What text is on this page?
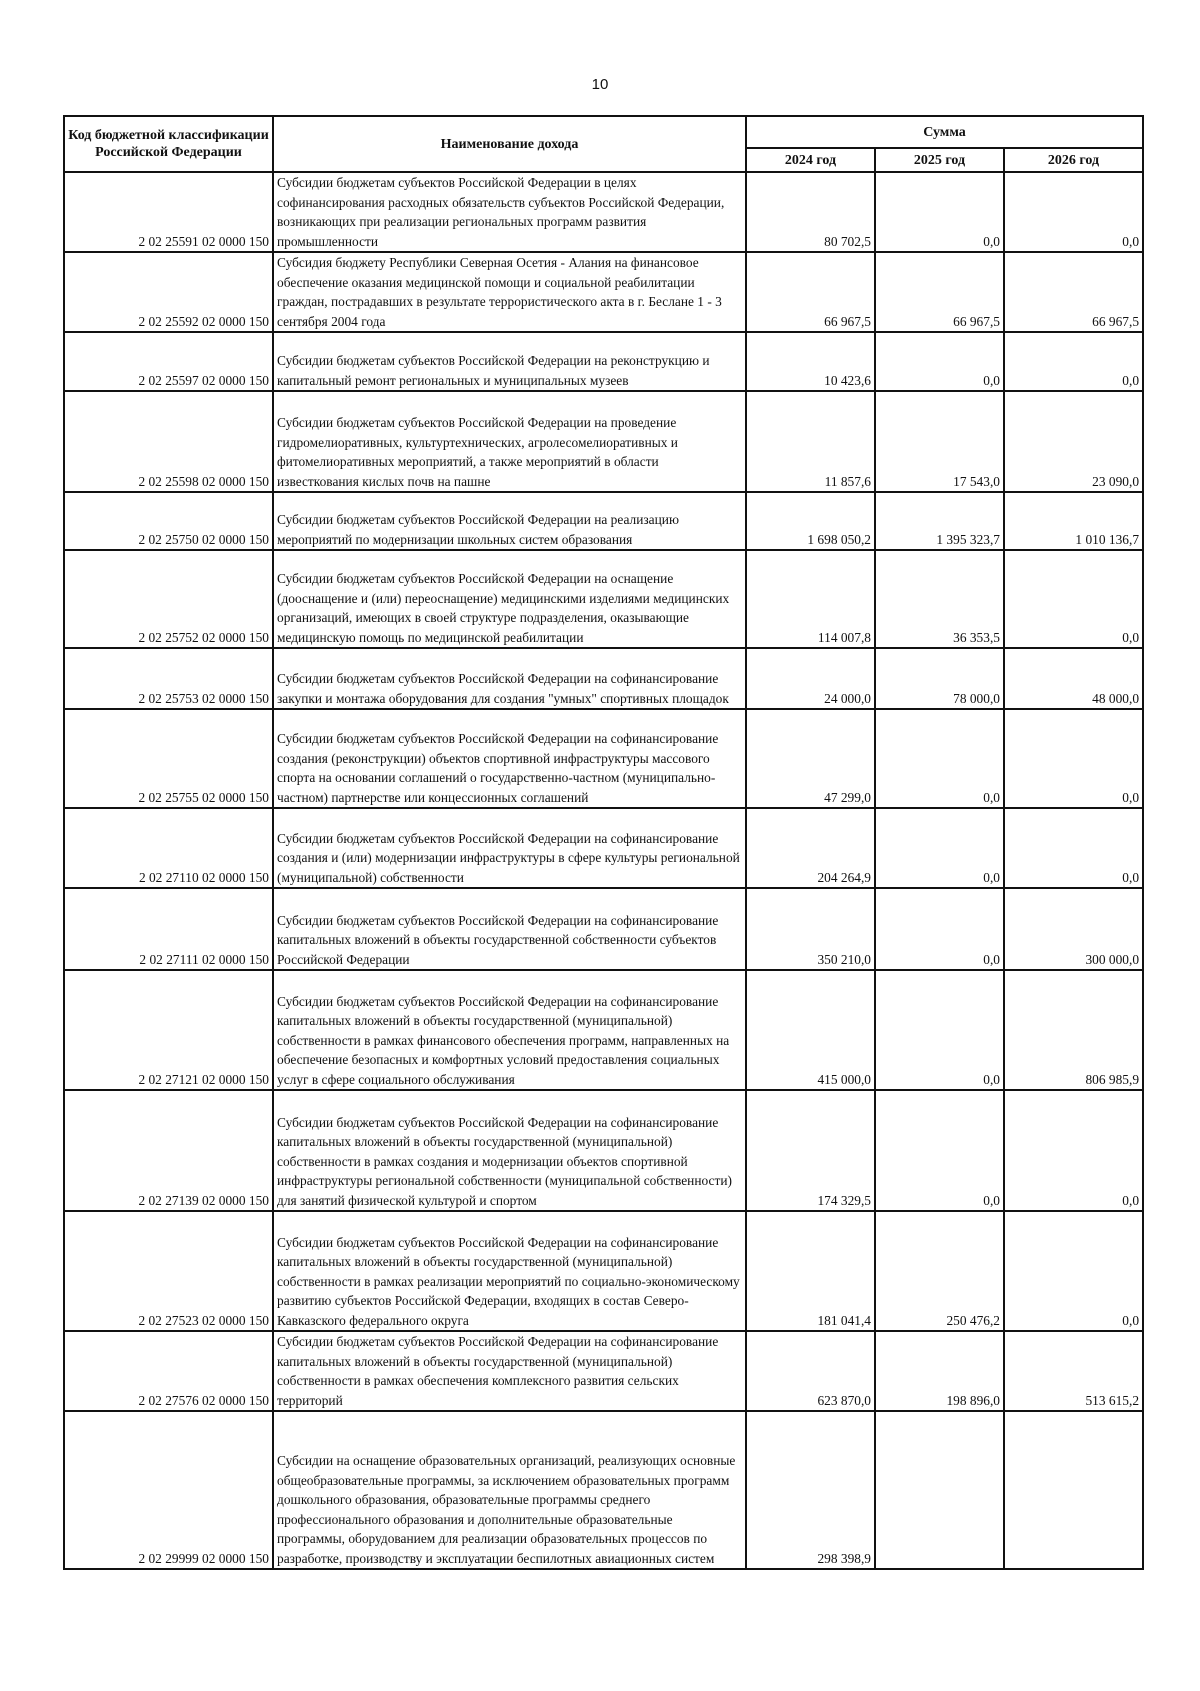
10
Код бюджетной классификации Российской Федерации	Наименование дохода	Сумма		
		2024 год	2025 год	2026 год
2 02 25591 02 0000 150	Субсидии бюджетам субъектов Российской Федерации в целях софинансирования расходных обязательств субъектов Российской Федерации, возникающих при реализации региональных программ развития промышленности	80 702,5	0,0	0,0
2 02 25592 02 0000 150	Субсидия бюджету Республики Северная Осетия - Алания на финансовое обеспечение оказания медицинской помощи и социальной реабилитации граждан, пострадавших в результате террористического акта в г. Беслане 1 - 3 сентября 2004 года	66 967,5	66 967,5	66 967,5
2 02 25597 02 0000 150	Субсидии бюджетам субъектов Российской Федерации на реконструкцию и капитальный ремонт региональных и муниципальных музеев	10 423,6	0,0	0,0
2 02 25598 02 0000 150	Субсидии бюджетам субъектов Российской Федерации на проведение гидромелиоративных, культуртехнических, агролесомелиоративных и фитомелиоративных мероприятий, а также мероприятий в области известкования кислых почв на пашне	11 857,6	17 543,0	23 090,0
2 02 25750 02 0000 150	Субсидии бюджетам субъектов Российской Федерации на реализацию мероприятий по модернизации школьных систем образования	1 698 050,2	1 395 323,7	1 010 136,7
2 02 25752 02 0000 150	Субсидии бюджетам субъектов Российской Федерации на оснащение (дооснащение и (или) переоснащение) медицинскими изделиями медицинских организаций, имеющих в своей структуре подразделения, оказывающие медицинскую помощь по медицинской реабилитации	114 007,8	36 353,5	0,0
2 02 25753 02 0000 150	Субсидии бюджетам субъектов Российской Федерации на софинансирование закупки и монтажа оборудования для создания "умных" спортивных площадок	24 000,0	78 000,0	48 000,0
2 02 25755 02 0000 150	Субсидии бюджетам субъектов Российской Федерации на софинансирование создания (реконструкции) объектов спортивной инфраструктуры массового спорта на основании соглашений о государственно-частном (муниципально-частном) партнерстве или концессионных соглашений	47 299,0	0,0	0,0
2 02 27110 02 0000 150	Субсидии бюджетам субъектов Российской Федерации на софинансирование создания и (или) модернизации инфраструктуры в сфере культуры региональной (муниципальной) собственности	204 264,9	0,0	0,0
2 02 27111 02 0000 150	Субсидии бюджетам субъектов Российской Федерации на софинансирование капитальных вложений в объекты государственной собственности субъектов Российской Федерации	350 210,0	0,0	300 000,0
2 02 27121 02 0000 150	Субсидии бюджетам субъектов Российской Федерации на софинансирование капитальных вложений в объекты государственной (муниципальной) собственности в рамках финансового обеспечения программ, направленных на обеспечение безопасных и комфортных условий предоставления социальных услуг в сфере социального обслуживания	415 000,0	0,0	806 985,9
2 02 27139 02 0000 150	Субсидии бюджетам субъектов Российской Федерации на софинансирование капитальных вложений в объекты государственной (муниципальной) собственности в рамках создания и модернизации объектов спортивной инфраструктуры региональной собственности (муниципальной собственности) для занятий физической культурой и спортом	174 329,5	0,0	0,0
2 02 27523 02 0000 150	Субсидии бюджетам субъектов Российской Федерации на софинансирование капитальных вложений в объекты государственной (муниципальной) собственности в рамках реализации мероприятий по социально-экономическому развитию субъектов Российской Федерации, входящих в состав Северо-Кавказского федерального округа	181 041,4	250 476,2	0,0
2 02 27576 02 0000 150	Субсидии бюджетам субъектов Российской Федерации на софинансирование капитальных вложений в объекты государственной (муниципальной) собственности в рамках обеспечения комплексного развития сельских территорий	623 870,0	198 896,0	513 615,2
2 02 29999 02 0000 150	Субсидии на оснащение образовательных организаций, реализующих основные общеобразовательные программы, за исключением образовательных программ дошкольного образования, образовательные программы среднего профессионального образования и дополнительные образовательные программы, оборудованием для реализации образовательных процессов по разработке, производству и эксплуатации беспилотных авиационных систем	298 398,9		
